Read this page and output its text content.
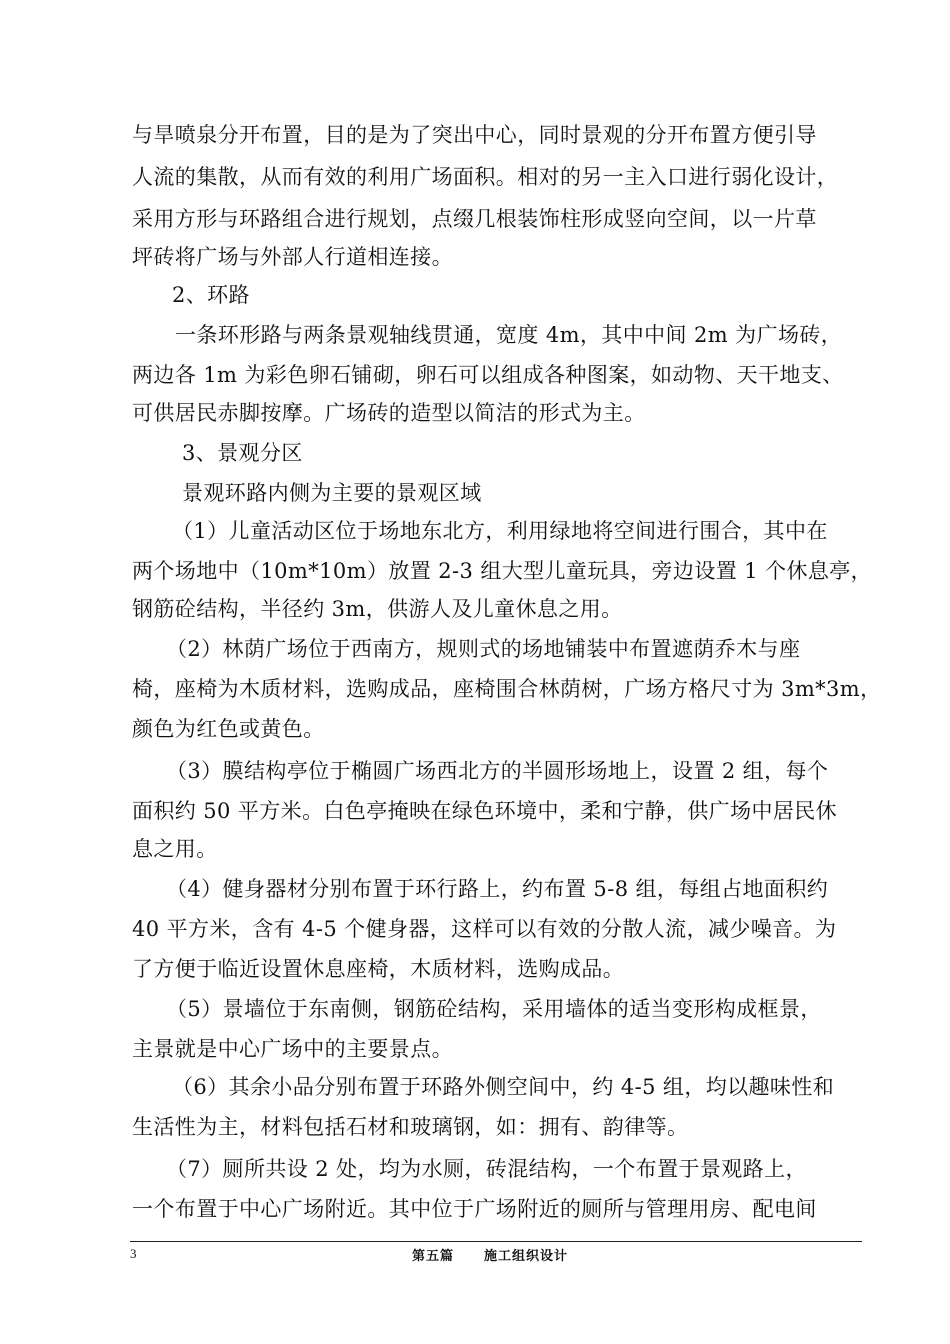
与旱喷泉分开布置，目的是为了突出中心，同时景观的分开布置方便引导
人流的集散，从而有效的利用广场面积。相对的另一主入口进行弱化设计，
采用方形与环路组合进行规划，点缀几根装饰柱形成竖向空间，以一片草
坪砖将广场与外部人行道相连接。
2、环路
一条环形路与两条景观轴线贯通，宽度 4m，其中中间 2m 为广场砖，
两边各 1m 为彩色卵石铺砌，卵石可以组成各种图案，如动物、天干地支、
可供居民赤脚按摩。广场砖的造型以简洁的形式为主。
3、景观分区
景观环路内侧为主要的景观区域
（1）儿童活动区位于场地东北方，利用绿地将空间进行围合，其中在
两个场地中（10m*10m）放置 2-3 组大型儿童玩具，旁边设置 1 个休息亭，
钢筋砼结构，半径约 3m，供游人及儿童休息之用。
（2）林荫广场位于西南方，规则式的场地铺装中布置遮荫乔木与座
椅，座椅为木质材料，选购成品，座椅围合林荫树，广场方格尺寸为 3m*3m，
颜色为红色或黄色。
（3）膜结构亭位于椭圆广场西北方的半圆形场地上，设置 2 组，每个
面积约 50 平方米。白色亭掩映在绿色环境中，柔和宁静，供广场中居民休
息之用。
（4）健身器材分别布置于环行路上，约布置 5-8 组，每组占地面积约
40 平方米，含有 4-5 个健身器，这样可以有效的分散人流，减少噪音。为
了方便于临近设置休息座椅，木质材料，选购成品。
（5）景墙位于东南侧，钢筋砼结构，采用墙体的适当变形构成框景，
主景就是中心广场中的主要景点。
（6）其余小品分别布置于环路外侧空间中，约 4-5 组，均以趣味性和
生活性为主，材料包括石材和玻璃钢，如：拥有、韵律等。
（7）厕所共设 2 处，均为水厕，砖混结构，一个布置于景观路上，
一个布置于中心广场附近。其中位于广场附近的厕所与管理用房、配电间
3	第五篇 施工组织设计
